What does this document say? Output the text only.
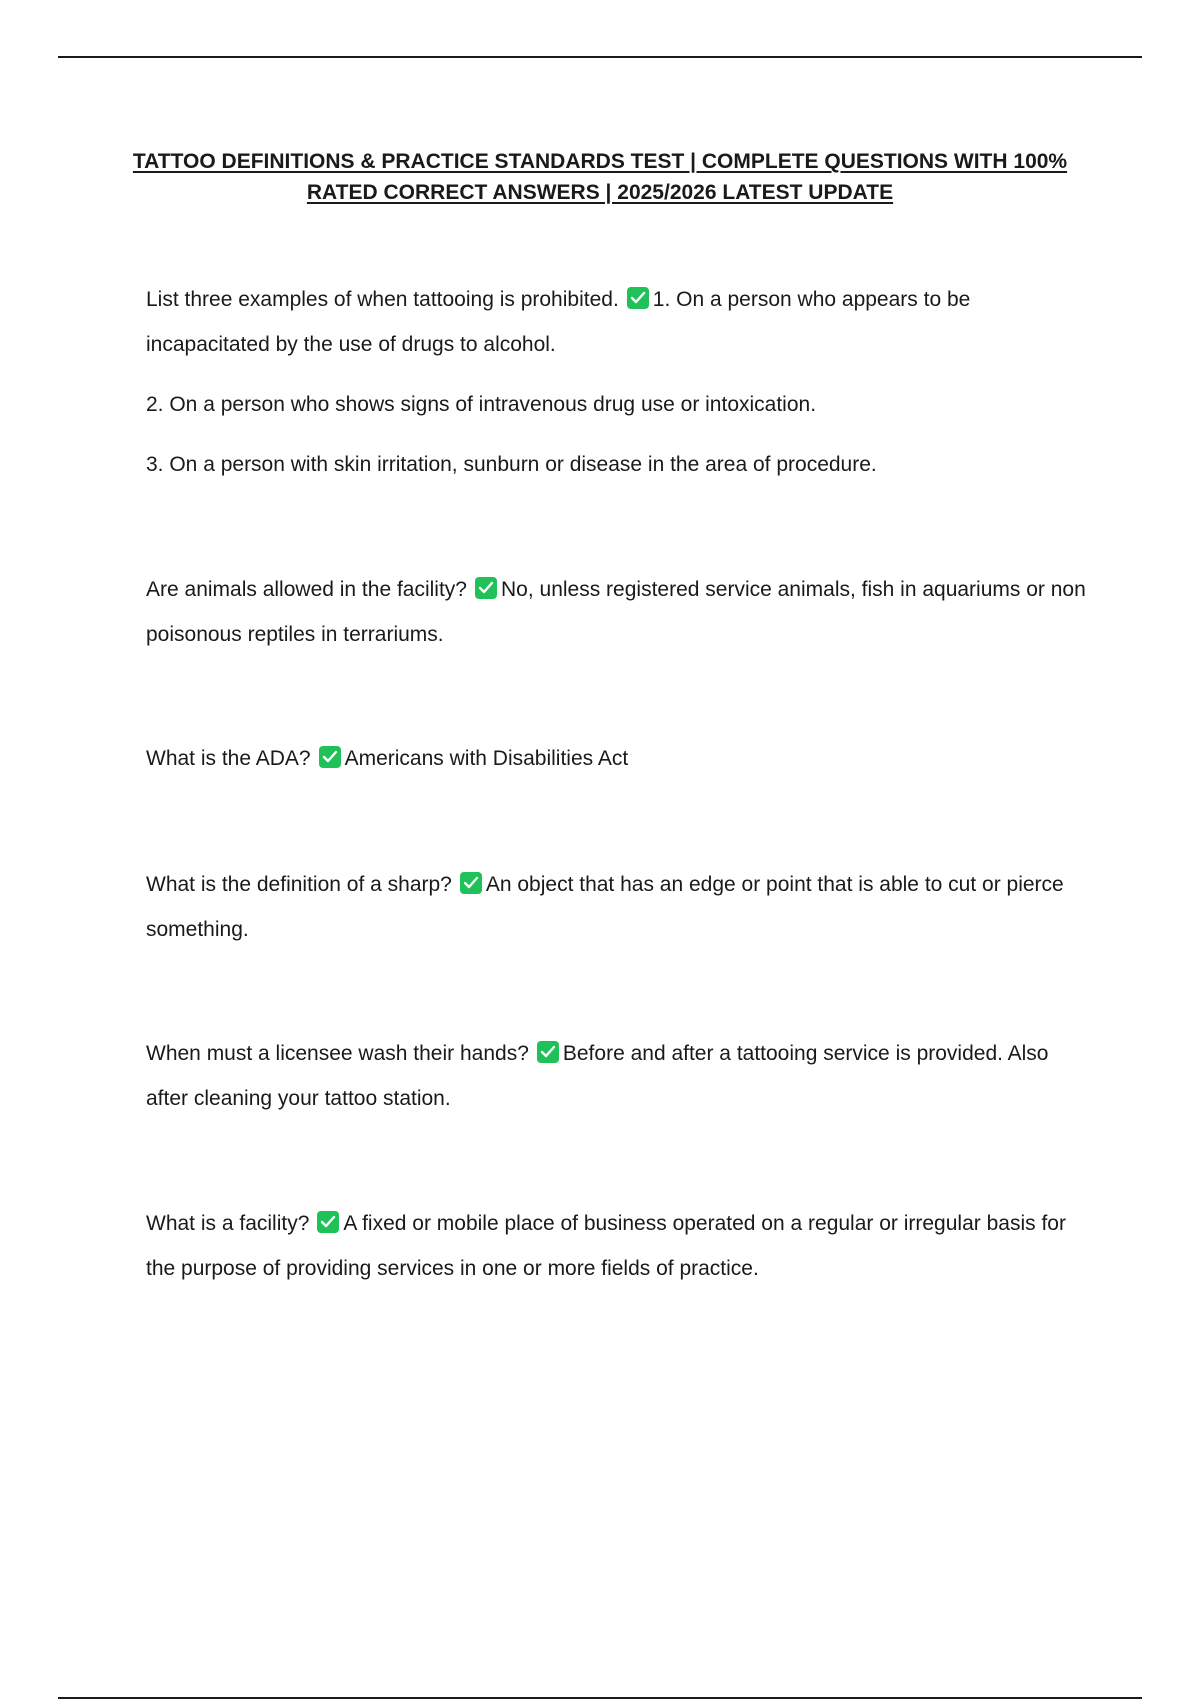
TATTOO DEFINITIONS & PRACTICE STANDARDS TEST | COMPLETE QUESTIONS WITH 100%
RATED CORRECT ANSWERS | 2025/2026 LATEST UPDATE

List three examples of when tattooing is prohibited. 1. On a person who appears to be incapacitated by the use of drugs to alcohol.

2. On a person who shows signs of intravenous drug use or intoxication.

3. On a person with skin irritation, sunburn or disease in the area of procedure.

Are animals allowed in the facility? No, unless registered service animals, fish in aquariums or non poisonous reptiles in terrariums.

What is the ADA? Americans with Disabilities Act

What is the definition of a sharp? An object that has an edge or point that is able to cut or pierce something.

When must a licensee wash their hands? Before and after a tattooing service is provided. Also after cleaning your tattoo station.

What is a facility? A fixed or mobile place of business operated on a regular or irregular basis for the purpose of providing services in one or more fields of practice.
